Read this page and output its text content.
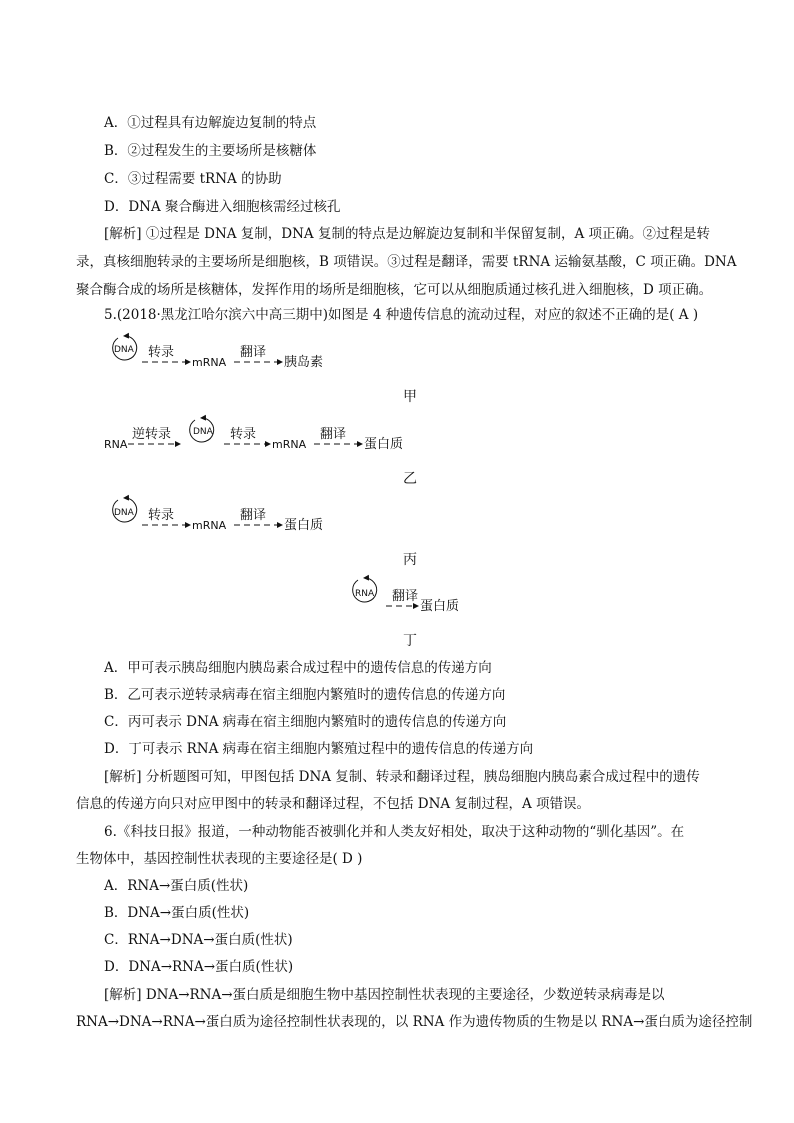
A．①过程具有边解旋边复制的特点
B．②过程发生的主要场所是核糖体
C．③过程需要 tRNA 的协助
D．DNA 聚合酶进入细胞核需经过核孔
[解析] ①过程是 DNA 复制，DNA 复制的特点是边解旋边复制和半保留复制，A 项正确。②过程是转
录，真核细胞转录的主要场所是细胞核，B 项错误。③过程是翻译，需要 tRNA 运输氨基酸，C 项正确。DNA
聚合酶合成的场所是核糖体，发挥作用的场所是细胞核，它可以从细胞质通过核孔进入细胞核，D 项正确。
5.(2018·黑龙江哈尔滨六中高三期中)如图是 4 种遗传信息的流动过程，对应的叙述不正确的是( A )
DNA 转录
mRNA
翻译
胰岛素
RNA
逆转录 DNA 转录
mRNA
翻译
蛋白质
DNA 转录
mRNA
翻译
蛋白质
RNA 翻译
蛋白质
甲
乙
丙
丁
A．甲可表示胰岛细胞内胰岛素合成过程中的遗传信息的传递方向
B．乙可表示逆转录病毒在宿主细胞内繁殖时的遗传信息的传递方向
C．丙可表示 DNA 病毒在宿主细胞内繁殖时的遗传信息的传递方向
D．丁可表示 RNA 病毒在宿主细胞内繁殖过程中的遗传信息的传递方向
[解析] 分析题图可知，甲图包括 DNA 复制、转录和翻译过程，胰岛细胞内胰岛素合成过程中的遗传
信息的传递方向只对应甲图中的转录和翻译过程，不包括 DNA 复制过程，A 项错误。
6.《科技日报》报道，一种动物能否被驯化并和人类友好相处，取决于这种动物的“驯化基因”。在
生物体中，基因控制性状表现的主要途径是( D )
A．RNA→蛋白质(性状)
B．DNA→蛋白质(性状)
C．RNA→DNA→蛋白质(性状)
D．DNA→RNA→蛋白质(性状)
[解析] DNA→RNA→蛋白质是细胞生物中基因控制性状表现的主要途径，少数逆转录病毒是以
RNA→DNA→RNA→蛋白质为途径控制性状表现的，以 RNA 作为遗传物质的生物是以 RNA→蛋白质为途径控制
